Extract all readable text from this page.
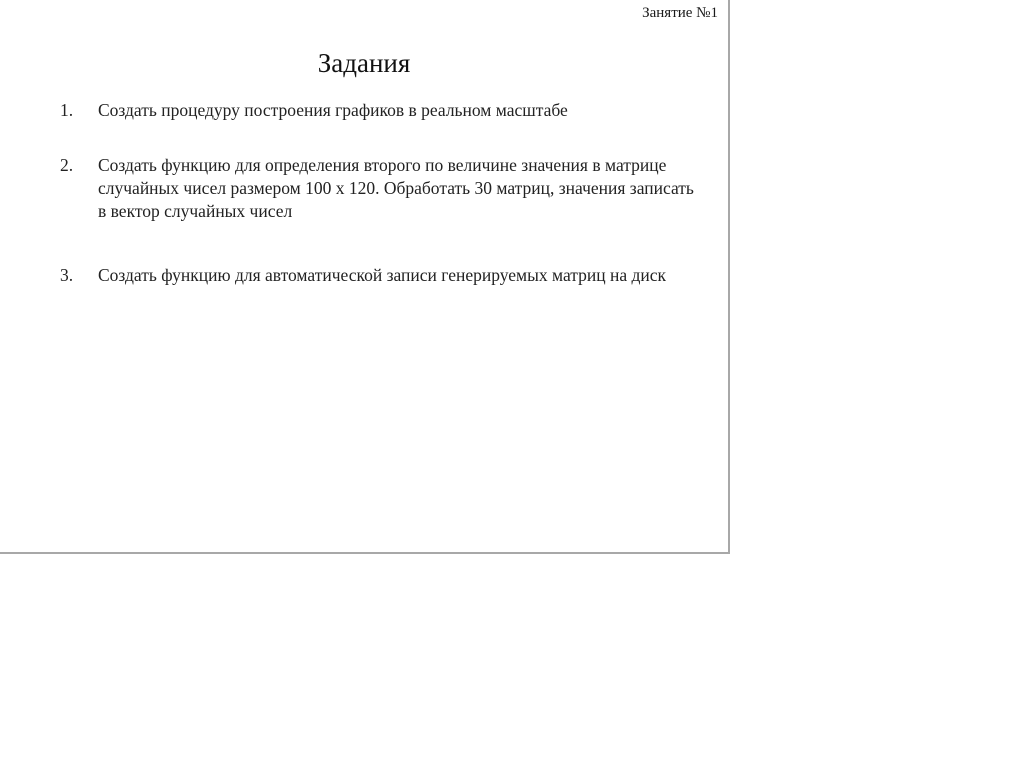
Занятие №1
Задания
1.	Создать процедуру построения графиков в реальном масштабе
2.	Создать функцию для определения второго по величине значения в матрице случайных чисел размером 100 х 120. Обработать 30 матриц, значения записать в вектор случайных чисел
3.	Создать функцию для автоматической записи генерируемых матриц на диск
